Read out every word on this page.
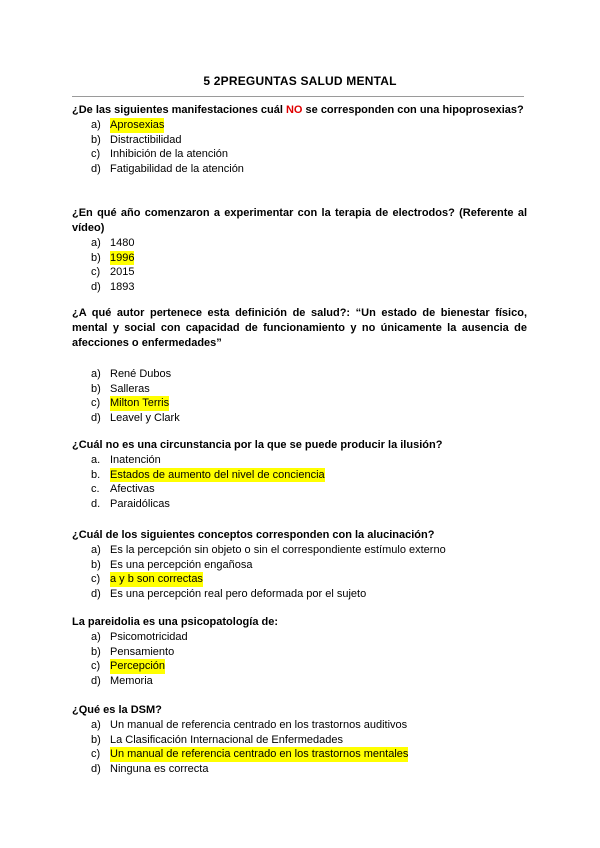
5 2PREGUNTAS SALUD MENTAL

¿De las siguientes manifestaciones cuál NO se corresponden con una hipoprosexias?

a) Aprosexias
b) Distractibilidad
c) Inhibición de la atención
d) Fatigabilidad de la atención

¿En qué año comenzaron a experimentar con la terapia de electrodos? (Referente al vídeo)

a) 1480
b) 1996
c) 2015
d) 1893

¿A qué autor pertenece esta definición de salud?: “Un estado de bienestar físico, mental y social con capacidad de funcionamiento y no únicamente la ausencia de afecciones o enfermedades”

a) René Dubos
b) Salleras
c) Milton Terris
d) Leavel y Clark

¿Cuál no es una circunstancia por la que se puede producir la ilusión?

a. Inatención
b. Estados de aumento del nivel de conciencia
c. Afectivas
d. Paraidólicas

¿Cuál de los siguientes conceptos corresponden con la alucinación?

a) Es la percepción sin objeto o sin el correspondiente estímulo externo
b) Es una percepción engañosa
c) a y b son correctas
d) Es una percepción real pero deformada por el sujeto

La pareidolia es una psicopatología de:

a) Psicomotricidad
b) Pensamiento
c) Percepción
d) Memoria

¿Qué es la DSM?

a) Un manual de referencia centrado en los trastornos auditivos
b) La Clasificación Internacional de Enfermedades
c) Un manual de referencia centrado en los trastornos mentales
d) Ninguna es correcta
